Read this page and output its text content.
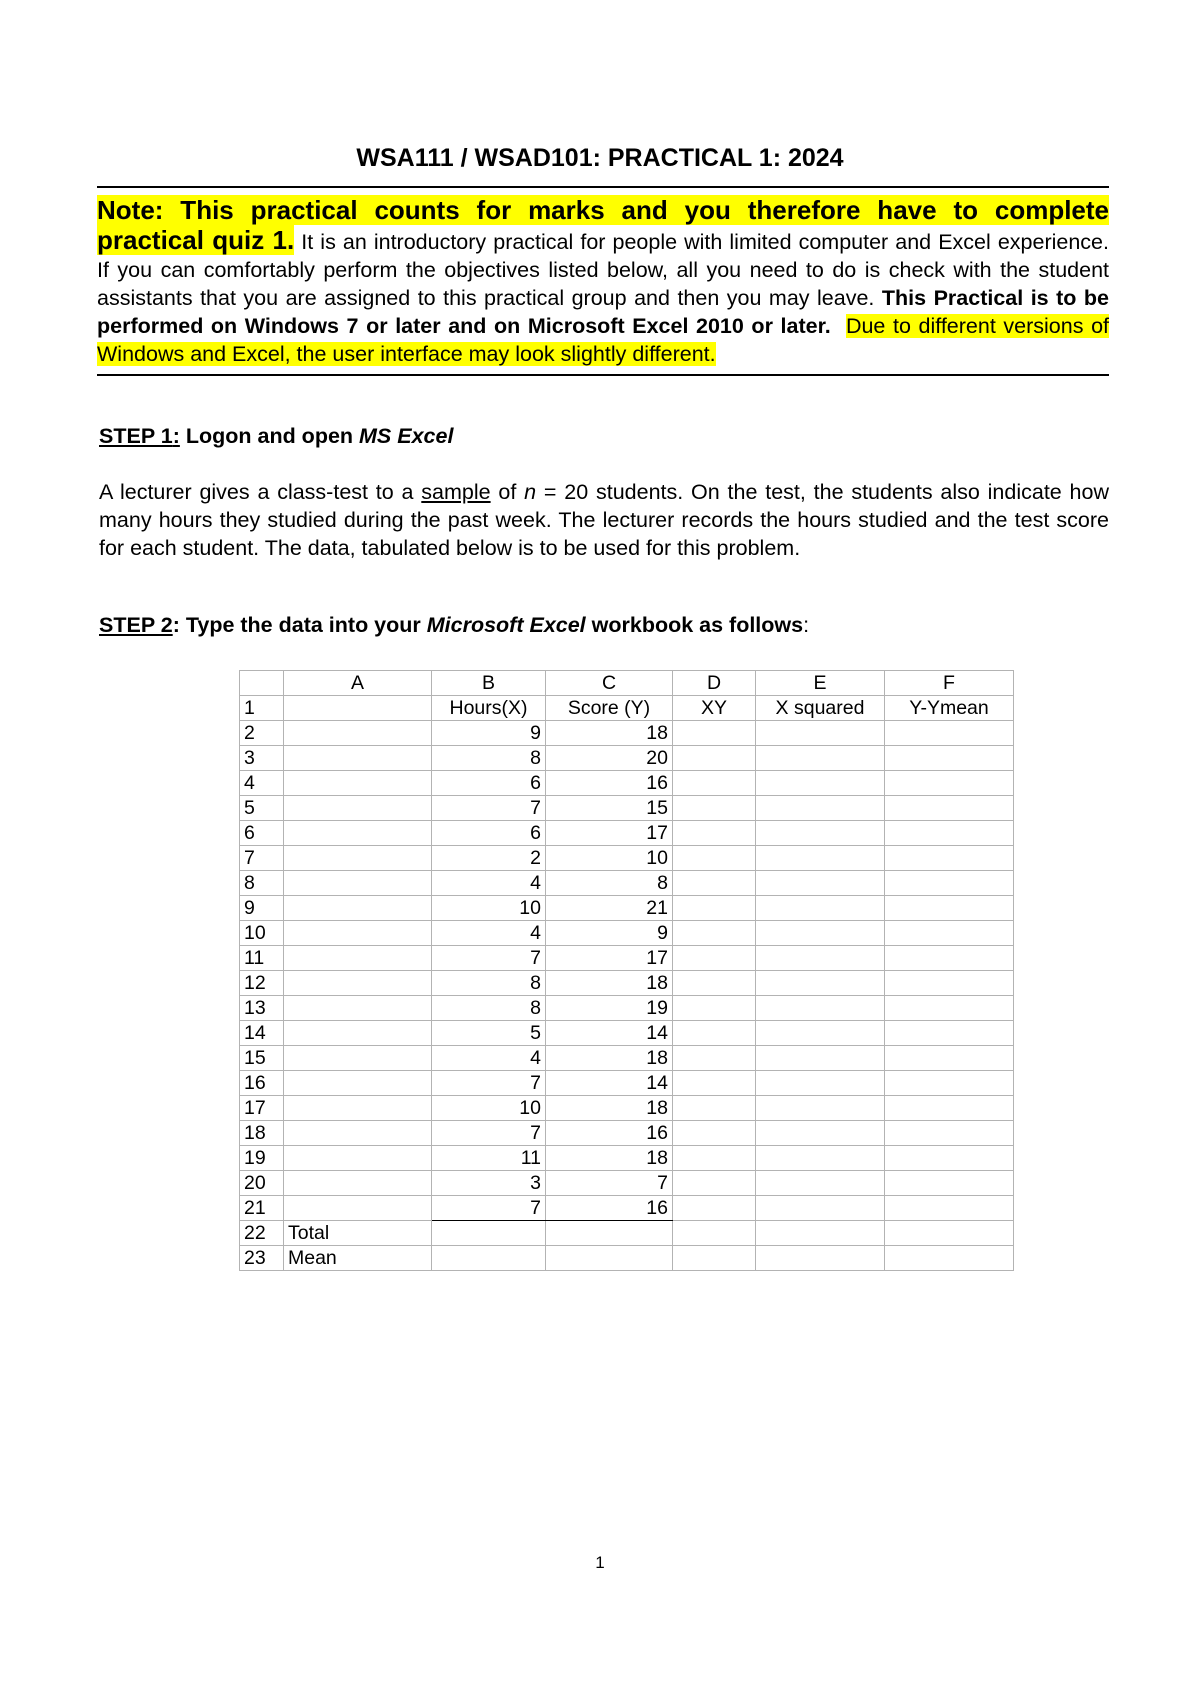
WSA111 / WSAD101: PRACTICAL 1: 2024

Note: This practical counts for marks and you therefore have to complete practical quiz 1. It is an introductory practical for people with limited computer and Excel experience. If you can comfortably perform the objectives listed below, all you need to do is check with the student assistants that you are assigned to this practical group and then you may leave. This Practical is to be performed on Windows 7 or later and on Microsoft Excel 2010 or later. Due to different versions of Windows and Excel, the user interface may look slightly different.

STEP 1: Logon and open MS Excel

A lecturer gives a class-test to a sample of n = 20 students. On the test, the students also indicate how many hours they studied during the past week. The lecturer records the hours studied and the test score for each student. The data, tabulated below is to be used for this problem.

STEP 2: Type the data into your Microsoft Excel workbook as follows:
	A	B	C	D	E	F
1		Hours(X)	Score (Y)	XY	X squared	Y-Ymean
2		9	18			
3		8	20			
4		6	16			
5		7	15			
6		6	17			
7		2	10			
8		4	8			
9		10	21			
10		4	9			
11		7	17			
12		8	18			
13		8	19			
14		5	14			
15		4	18			
16		7	14			
17		10	18			
18		7	16			
19		11	18			
20		3	7			
21		7	16			
22	Total					
23	Mean					
1
